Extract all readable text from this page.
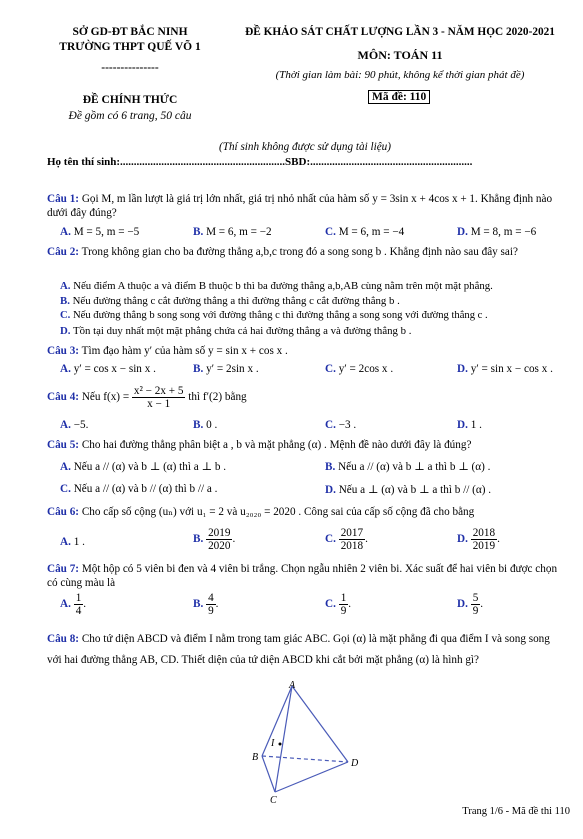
SỞ GD-ĐT BẮC NINH
TRƯỜNG THPT QUẾ VÕ 1
---------------
ĐỀ CHÍNH THỨC
Đề gồm có 6 trang, 50 câu
ĐỀ KHẢO SÁT CHẤT LƯỢNG LẦN 3 - NĂM HỌC 2020-2021
MÔN: TOÁN 11
(Thời gian làm bài: 90 phút, không kể thời gian phát đề)
Mã đề: 110
(Thí sinh không được sử dụng tài liệu)
Họ tên thí sinh:............................................................SBD:...........................................................
Câu 1: Gọi M, m lần lượt là giá trị lớn nhất, giá trị nhỏ nhất của hàm số y = 3sin x + 4cos x + 1. Khẳng định nào dưới đây đúng?
A. M = 5, m = −5	B. M = 6, m = −2	C. M = 6, m = −4	D. M = 8, m = −6
Câu 2: Trong không gian cho ba đường thẳng a,b,c trong đó a song song b . Khẳng định nào sau đây sai?
A. Nếu điểm A thuộc a và điểm B thuộc b thì ba đường thẳng a,b,AB cùng nằm trên một mặt phẳng.
B. Nếu đường thẳng c cắt đường thẳng a thì đường thẳng c cắt đường thẳng b .
C. Nếu đường thẳng b song song với đường thẳng c thì đường thẳng a song song với đường thẳng c .
D. Tồn tại duy nhất một mặt phẳng chứa cả hai đường thẳng a và đường thẳng b .
Câu 3: Tìm đạo hàm y′ của hàm số y = sin x + cos x .
A. y′ = cos x − sin x .	B. y′ = 2sin x .	C. y′ = 2cos x .	D. y′ = sin x − cos x .
Câu 4: Nếu $f(x) = \frac{\text{x² − 2x + 5}}{x - 1}$ thì f′(2) bằng
A. −5.	B. 0 .	C. −3 .	D. 1 .
Câu 5: Cho hai đường thẳng phân biệt a , b và mặt phẳng (α) . Mệnh đề nào dưới đây là đúng?
A. Nếu a // (α) và b ⊥ (α) thì a ⊥ b .	B. Nếu a // (α) và b ⊥ a thì b ⊥ (α) .
C. Nếu a // (α) và b // (α) thì b // a .	D. Nếu a ⊥ (α) và b ⊥ a thì b // (α) .
Câu 6: Cho cấp số cộng (uₙ) với u₁ = 2 và u₂₀₂₀ = 2020 . Công sai của cấp số cộng đã cho bằng
A. 1 .	B. $\frac{2019}{2020}$ .	C. $\frac{2017}{2018}$ .	D. $\frac{2018}{2019}$ .
Câu 7: Một hộp có 5 viên bi đen và 4 viên bi trắng. Chọn ngẫu nhiên 2 viên bi. Xác suất để hai viên bi được chọn có cùng màu là
A. $\frac{1}{4}$ .	B. $\frac{4}{9}$ .	C. $\frac{1}{9}$ .	D. $\frac{5}{9}$ .
Câu 8: Cho tứ diện ABCD và điểm I nằm trong tam giác ABC. Gọi (α) là mặt phẳng đi qua điểm I và song song với hai đường thẳng AB, CD. Thiết diện của tứ diện ABCD khi cắt bởi mặt phẳng (α) là hình gì?
A
B
I
D
C
Trang 1/6 - Mã đề thi 110
